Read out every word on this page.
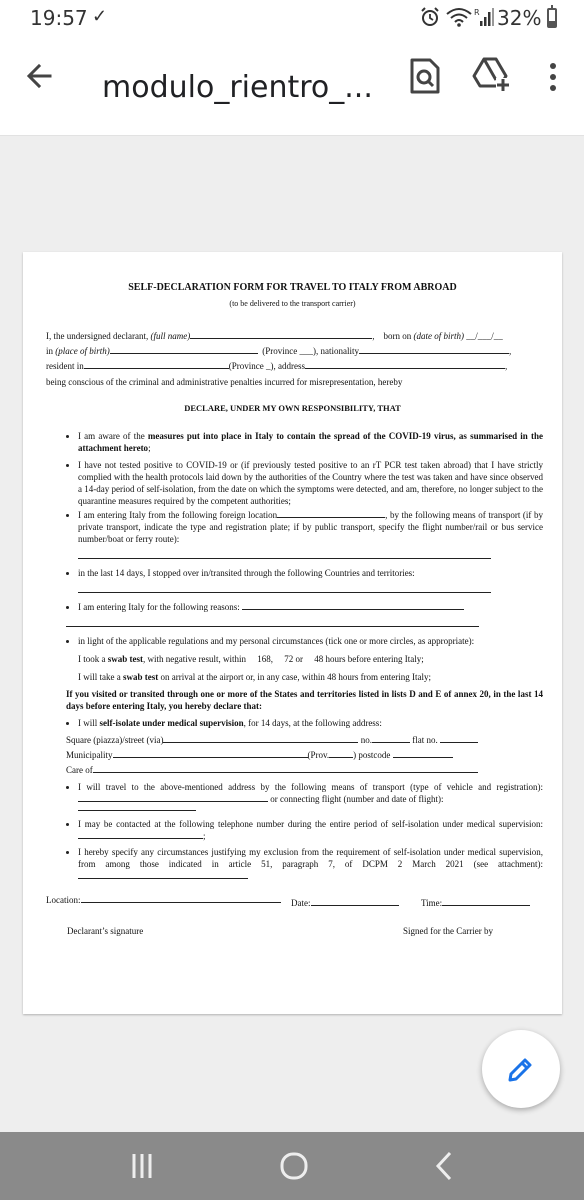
19:57 ✓	R 32%
modulo_rientro_...
SELF-DECLARATION FORM FOR TRAVEL TO ITALY FROM ABROAD
(to be delivered to the transport carrier)
I, the undersigned declarant, (full name)	,    born on (date of birth) __/___/__
in (place of birth)	(Province ___), nationality	,
resident in	(Province _), address	,
being conscious of the criminal and administrative penalties incurred for misrepresentation, hereby
DECLARE, UNDER MY OWN RESPONSIBILITY, THAT
I am aware of the measures put into place in Italy to contain the spread of the COVID-19 virus, as summarised in the attachment hereto;
I have not tested positive to COVID-19 or (if previously tested positive to an rT PCR test taken abroad) that I have strictly complied with the health protocols laid down by the authorities of the Country where the test was taken and have since observed a 14-day period of self-isolation, from the date on which the symptoms were detected, and am, therefore, no longer subject to the quarantine measures required by the competent authorities;
I am entering Italy from the following foreign location	, by the following means of transport (if by private transport, indicate the type and registration plate; if by public transport, specify the flight number/rail or bus service number/boat or ferry route):
in the last 14 days, I stopped over in/transited through the following Countries and territories:
I am entering Italy for the following reasons:
in light of the applicable regulations and my personal circumstances (tick one or more circles, as appropriate):
I took a swab test, with negative result, within 168, 72 or 48 hours before entering Italy;
I will take a swab test on arrival at the airport or, in any case, within 48 hours from entering Italy;
If you visited or transited through one or more of the States and territories listed in lists D and E of annex 20, in the last 14 days before entering Italy, you hereby declare that:
I will self-isolate under medical supervision, for 14 days, at the following address:
Square (piazza)/street (via)	no.	flat no.
Municipality	(Prov.	) postcode
Care of
I will travel to the above-mentioned address by the following means of transport (type of vehicle and registration):  or connecting flight (number and date of flight):
I may be contacted at the following telephone number during the entire period of self-isolation under medical supervision: ;
I hereby specify any circumstances justifying my exclusion from the requirement of self-isolation under medical supervision, from among those indicated in article 51, paragraph 7, of DCPM 2 March 2021 (see attachment):
Location:	Date:	Time:
Declarant’s signature	Signed for the Carrier by
